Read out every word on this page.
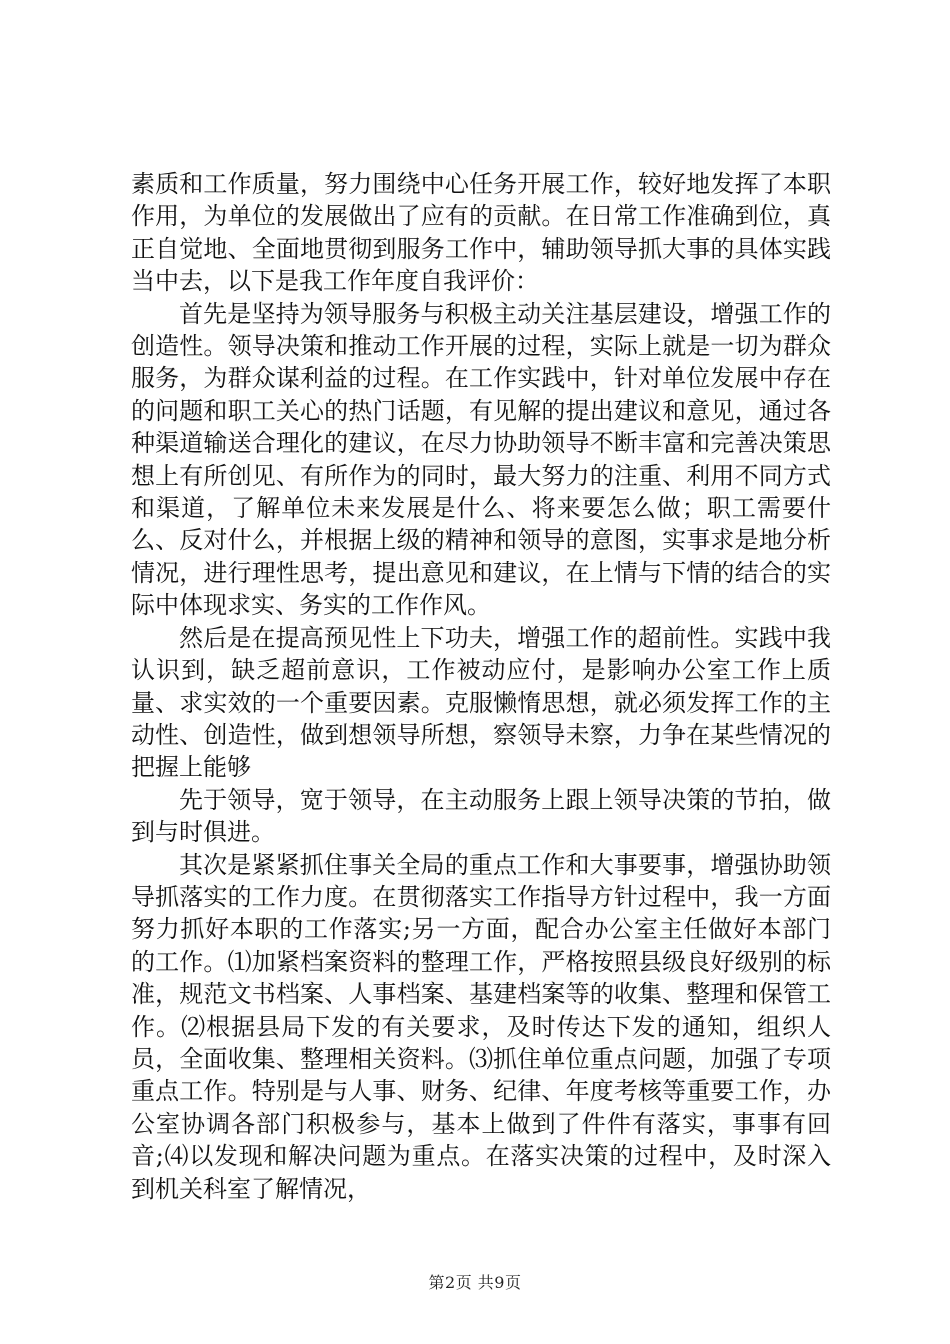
素质和工作质量，努力围绕中心任务开展工作，较好地发挥了本职作用，为单位的发展做出了应有的贡献。在日常工作准确到位，真正自觉地、全面地贯彻到服务工作中，辅助领导抓大事的具体实践当中去，以下是我工作年度自我评价：

首先是坚持为领导服务与积极主动关注基层建设，增强工作的创造性。领导决策和推动工作开展的过程，实际上就是一切为群众服务，为群众谋利益的过程。在工作实践中，针对单位发展中存在的问题和职工关心的热门话题，有见解的提出建议和意见，通过各种渠道输送合理化的建议，在尽力协助领导不断丰富和完善决策思想上有所创见、有所作为的同时，最大努力的注重、利用不同方式和渠道，了解单位未来发展是什么、将来要怎么做；职工需要什么、反对什么，并根据上级的精神和领导的意图，实事求是地分析情况，进行理性思考，提出意见和建议，在上情与下情的结合的实际中体现求实、务实的工作作风。

然后是在提高预见性上下功夫，增强工作的超前性。实践中我认识到，缺乏超前意识，工作被动应付，是影响办公室工作上质量、求实效的一个重要因素。克服懒惰思想，就必须发挥工作的主动性、创造性，做到想领导所想，察领导未察，力争在某些情况的把握上能够

先于领导，宽于领导，在主动服务上跟上领导决策的节拍，做到与时俱进。

其次是紧紧抓住事关全局的重点工作和大事要事，增强协助领导抓落实的工作力度。在贯彻落实工作指导方针过程中，我一方面努力抓好本职的工作落实;另一方面，配合办公室主任做好本部门的工作。⑴加紧档案资料的整理工作，严格按照县级良好级别的标准，规范文书档案、人事档案、基建档案等的收集、整理和保管工作。⑵根据县局下发的有关要求，及时传达下发的通知，组织人员，全面收集、整理相关资料。⑶抓住单位重点问题，加强了专项重点工作。特别是与人事、财务、纪律、年度考核等重要工作，办公室协调各部门积极参与，基本上做到了件件有落实，事事有回音;⑷以发现和解决问题为重点。在落实决策的过程中，及时深入到机关科室了解情况，

第2页 共9页
